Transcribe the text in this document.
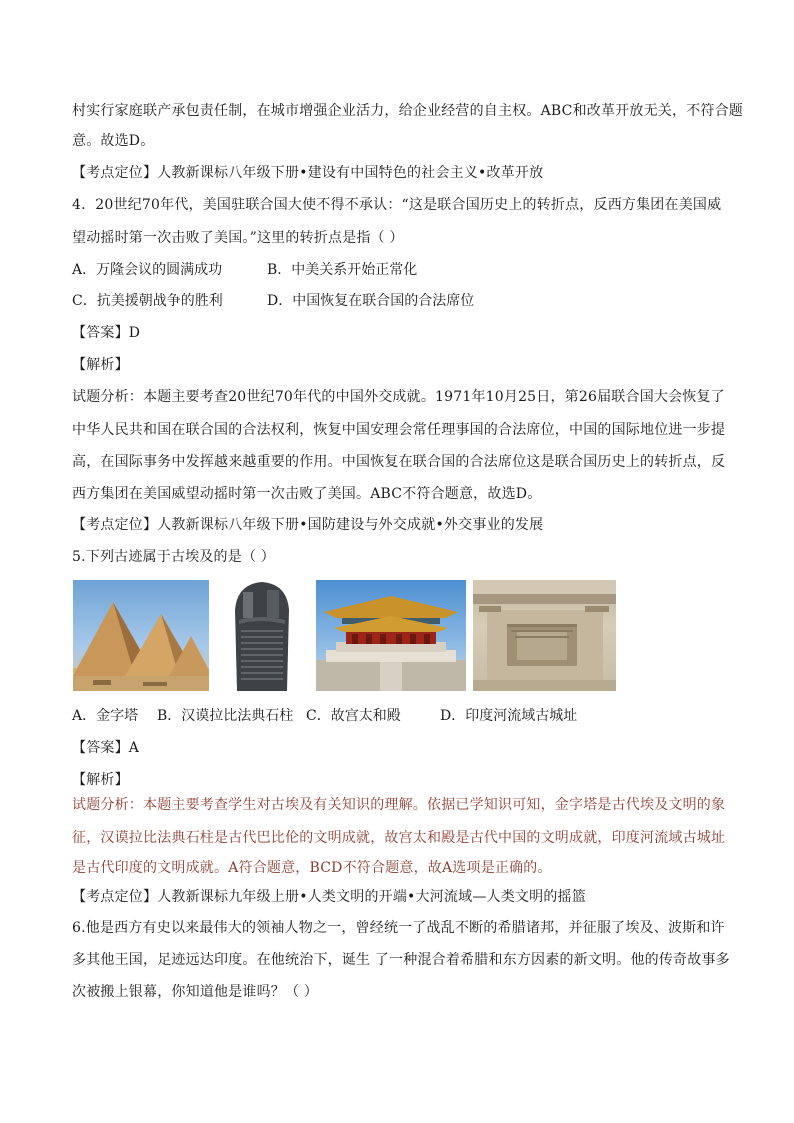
村实行家庭联产承包责任制，在城市增强企业活力，给企业经营的自主权。ABC和改革开放无关，不符合题
意。故选D。
【考点定位】人教新课标八年级下册•建设有中国特色的社会主义•改革开放
4．20世纪70年代，美国驻联合国大使不得不承认：“这是联合国历史上的转折点，反西方集团在美国威
望动摇时第一次击败了美国。”这里的转折点是指（ ）
A．万隆会议的圆满成功	B．中美关系开始正常化
C．抗美援朝战争的胜利	D．中国恢复在联合国的合法席位
【答案】D
【解析】
试题分析：本题主要考查20世纪70年代的中国外交成就。1971年10月25日，第26届联合国大会恢复了
中华人民共和国在联合国的合法权利，恢复中国安理会常任理事国的合法席位，中国的国际地位进一步提
高，在国际事务中发挥越来越重要的作用。中国恢复在联合国的合法席位这是联合国历史上的转折点，反
西方集团在美国威望动摇时第一次击败了美国。ABC不符合题意，故选D。
【考点定位】人教新课标八年级下册•国防建设与外交成就•外交事业的发展
5.下列古迹属于古埃及的是（ ）
A．金字塔 B．汉谟拉比法典石柱 C．故宫太和殿	D．印度河流域古城址
【答案】A
【解析】
试题分析：本题主要考查学生对古埃及有关知识的理解。依据已学知识可知，金字塔是古代埃及文明的象
征，汉谟拉比法典石柱是古代巴比伦的文明成就，故宫太和殿是古代中国的文明成就，印度河流域古城址
是古代印度的文明成就。A符合题意，BCD不符合题意，故A选项是正确的。
【考点定位】人教新课标九年级上册•人类文明的开端•大河流域—人类文明的摇篮
6.他是西方有史以来最伟大的领袖人物之一，曾经统一了战乱不断的希腊诸邦，并征服了埃及、波斯和许
多其他王国，足迹远达印度。在他统治下，诞生 了一种混合着希腊和东方因素的新文明。他的传奇故事多
次被搬上银幕，你知道他是谁吗？（ ）
